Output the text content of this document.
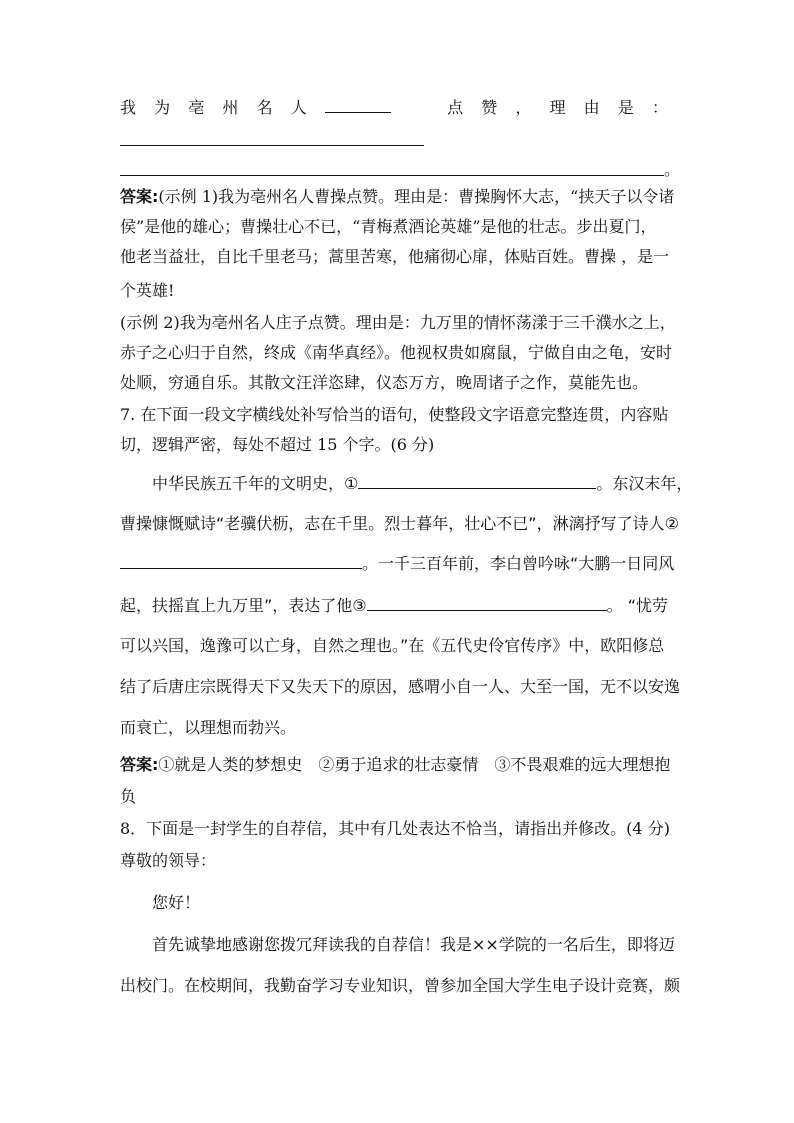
我 为 亳 州 名 人	点 赞 ， 理 由 是 ：
。
答案:(示例 1)我为亳州名人曹操点赞。理由是：曹操胸怀大志，“挟天子以令诸
侯”是他的雄心；曹操壮心不已，“青梅煮酒论英雄”是他的壮志。步出夏门，
他老当益壮，自比千里老马；蒿里苦寒，他痛彻心扉，体贴百姓。曹操 ，是一
个英雄!
(示例 2)我为亳州名人庄子点赞。理由是：九万里的情怀荡漾于三千濮水之上，
赤子之心归于自然，终成《南华真经》。他视权贵如腐鼠，宁做自由之龟，安时
处顺，穷通自乐。其散文汪洋恣肆，仪态万方，晚周诸子之作，莫能先也。
7. 在下面一段文字横线处补写恰当的语句，使整段文字语意完整连贯，内容贴
切，逻辑严密，每处不超过 15 个字。(6 分)
中华民族五千年的文明史，①	。东汉末年，
曹操慷慨赋诗“老骥伏枥，志在千里。烈士暮年，壮心不已”，淋漓抒写了诗人②
。一千三百年前，李白曾吟咏“大鹏一日同风
起，扶摇直上九万里”，表达了他③	。 “忧劳
可以兴国，逸豫可以亡身，自然之理也。”在《五代史伶官传序》中，欧阳修总
结了后唐庄宗既得天下又失天下的原因，感喟小自一人、大至一国，无不以安逸
而衰亡，以理想而勃兴。
答案:①就是人类的梦想史　②勇于追求的壮志豪情　③不畏艰难的远大理想抱
负
8．下面是一封学生的自荐信，其中有几处表达不恰当，请指出并修改。(4 分)
尊敬的领导：
您好！
首先诚挚地感谢您拨冗拜读我的自荐信！我是××学院的一名后生，即将迈
出校门。在校期间，我勤奋学习专业知识，曾参加全国大学生电子设计竞赛，颇
